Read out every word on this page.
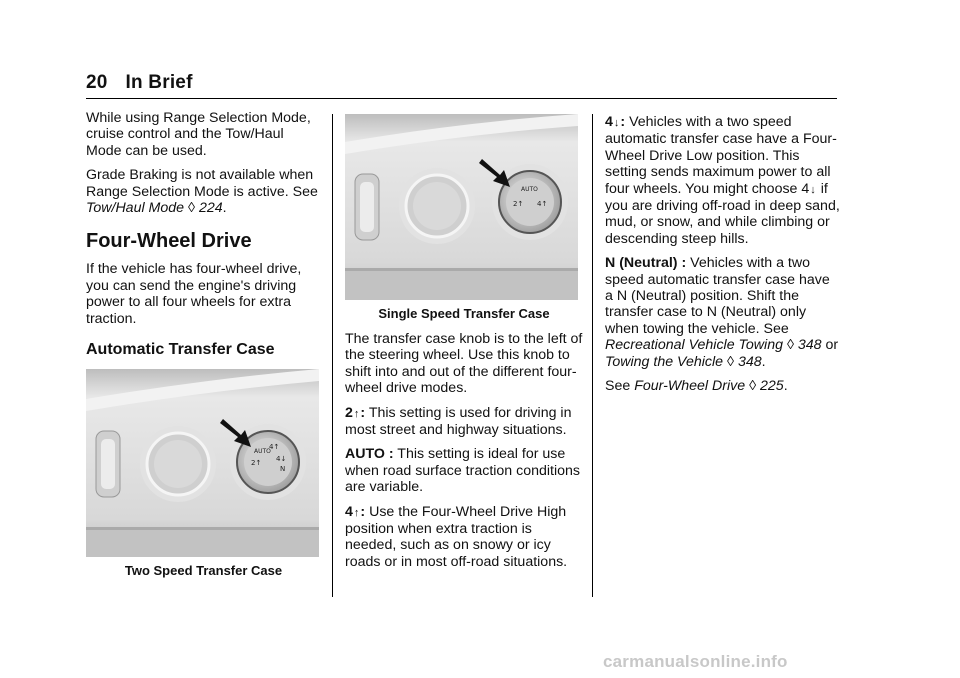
20 In Brief

While using Range Selection Mode, cruise control and the Tow/Haul Mode can be used.

Grade Braking is not available when Range Selection Mode is active. See Tow/Haul Mode ◊ 224.

Four-Wheel Drive

If the vehicle has four-wheel drive, you can send the engine's driving power to all four wheels for extra traction.

Automatic Transfer Case
AUTO
4↑
2↑ 4↓
N
Two Speed Transfer Case
AUTO
2↑ 4↑
Single Speed Transfer Case

The transfer case knob is to the left of the steering wheel. Use this knob to shift into and out of the different four-wheel drive modes.

2↑: This setting is used for driving in most street and highway situations.

AUTO : This setting is ideal for use when road surface traction conditions are variable.

4↑: Use the Four-Wheel Drive High position when extra traction is needed, such as on snowy or icy roads or in most off-road situations.

4↓: Vehicles with a two speed automatic transfer case have a Four-Wheel Drive Low position. This setting sends maximum power to all four wheels. You might choose 4↓ if you are driving off-road in deep sand, mud, or snow, and while climbing or descending steep hills.

N (Neutral) : Vehicles with a two speed automatic transfer case have a N (Neutral) position. Shift the transfer case to N (Neutral) only when towing the vehicle. See Recreational Vehicle Towing ◊ 348 or Towing the Vehicle ◊ 348.

See Four-Wheel Drive ◊ 225.

carmanualsonline.info
